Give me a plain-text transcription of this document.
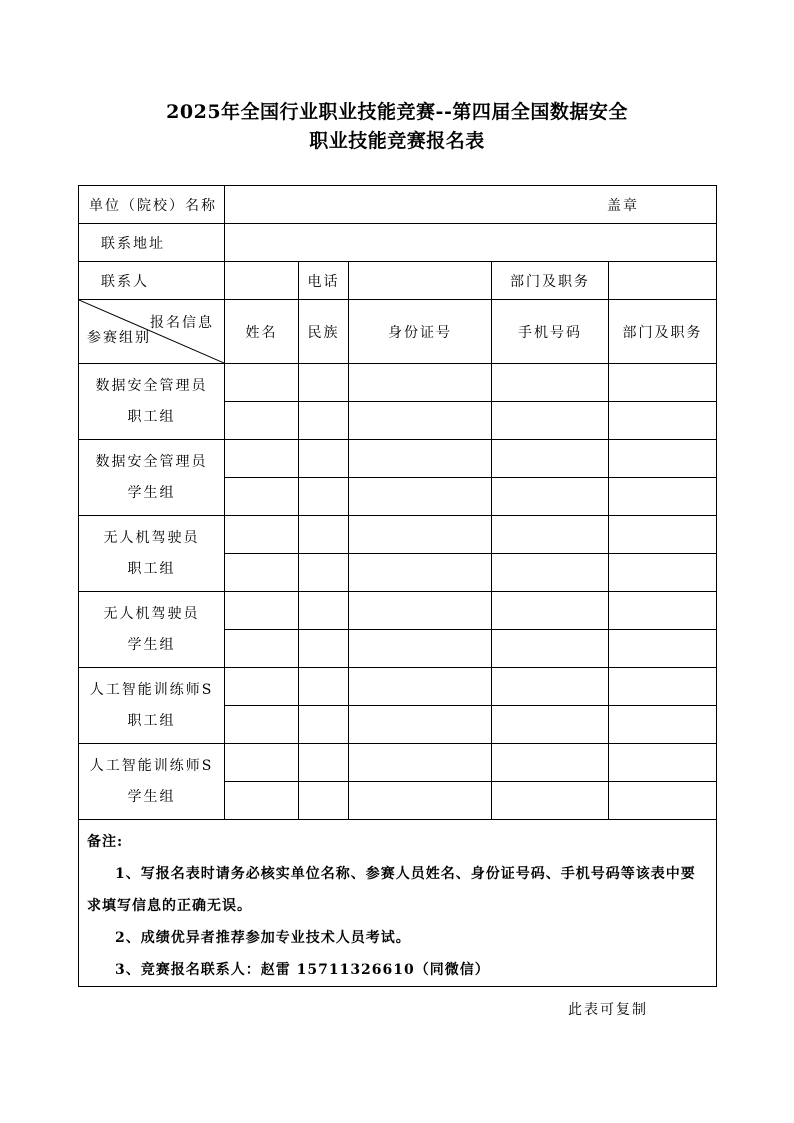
2025年全国行业职业技能竞赛--第四届全国数据安全
职业技能竞赛报名表
单位（院校）名称	盖章				
联系地址					
联系人		电话		部门及职务	

报名信息
参赛组别	姓名	民族	身份证号	手机号码	部门及职务

数据安全管理员
职工组					

数据安全管理员
学生组					

无人机驾驶员
职工组					

无人机驾驶员
学生组					

人工智能训练师S
职工组					

人工智能训练师S
学生组					

备注:

1、写报名表时请务必核实单位名称、参赛人员姓名、身份证号码、手机号码等该表中要求填写信息的正确无误。

2、成绩优异者推荐参加专业技术人员考试。

3、竞赛报名联系人：赵雷 15711326610（同微信）					

此表可复制
